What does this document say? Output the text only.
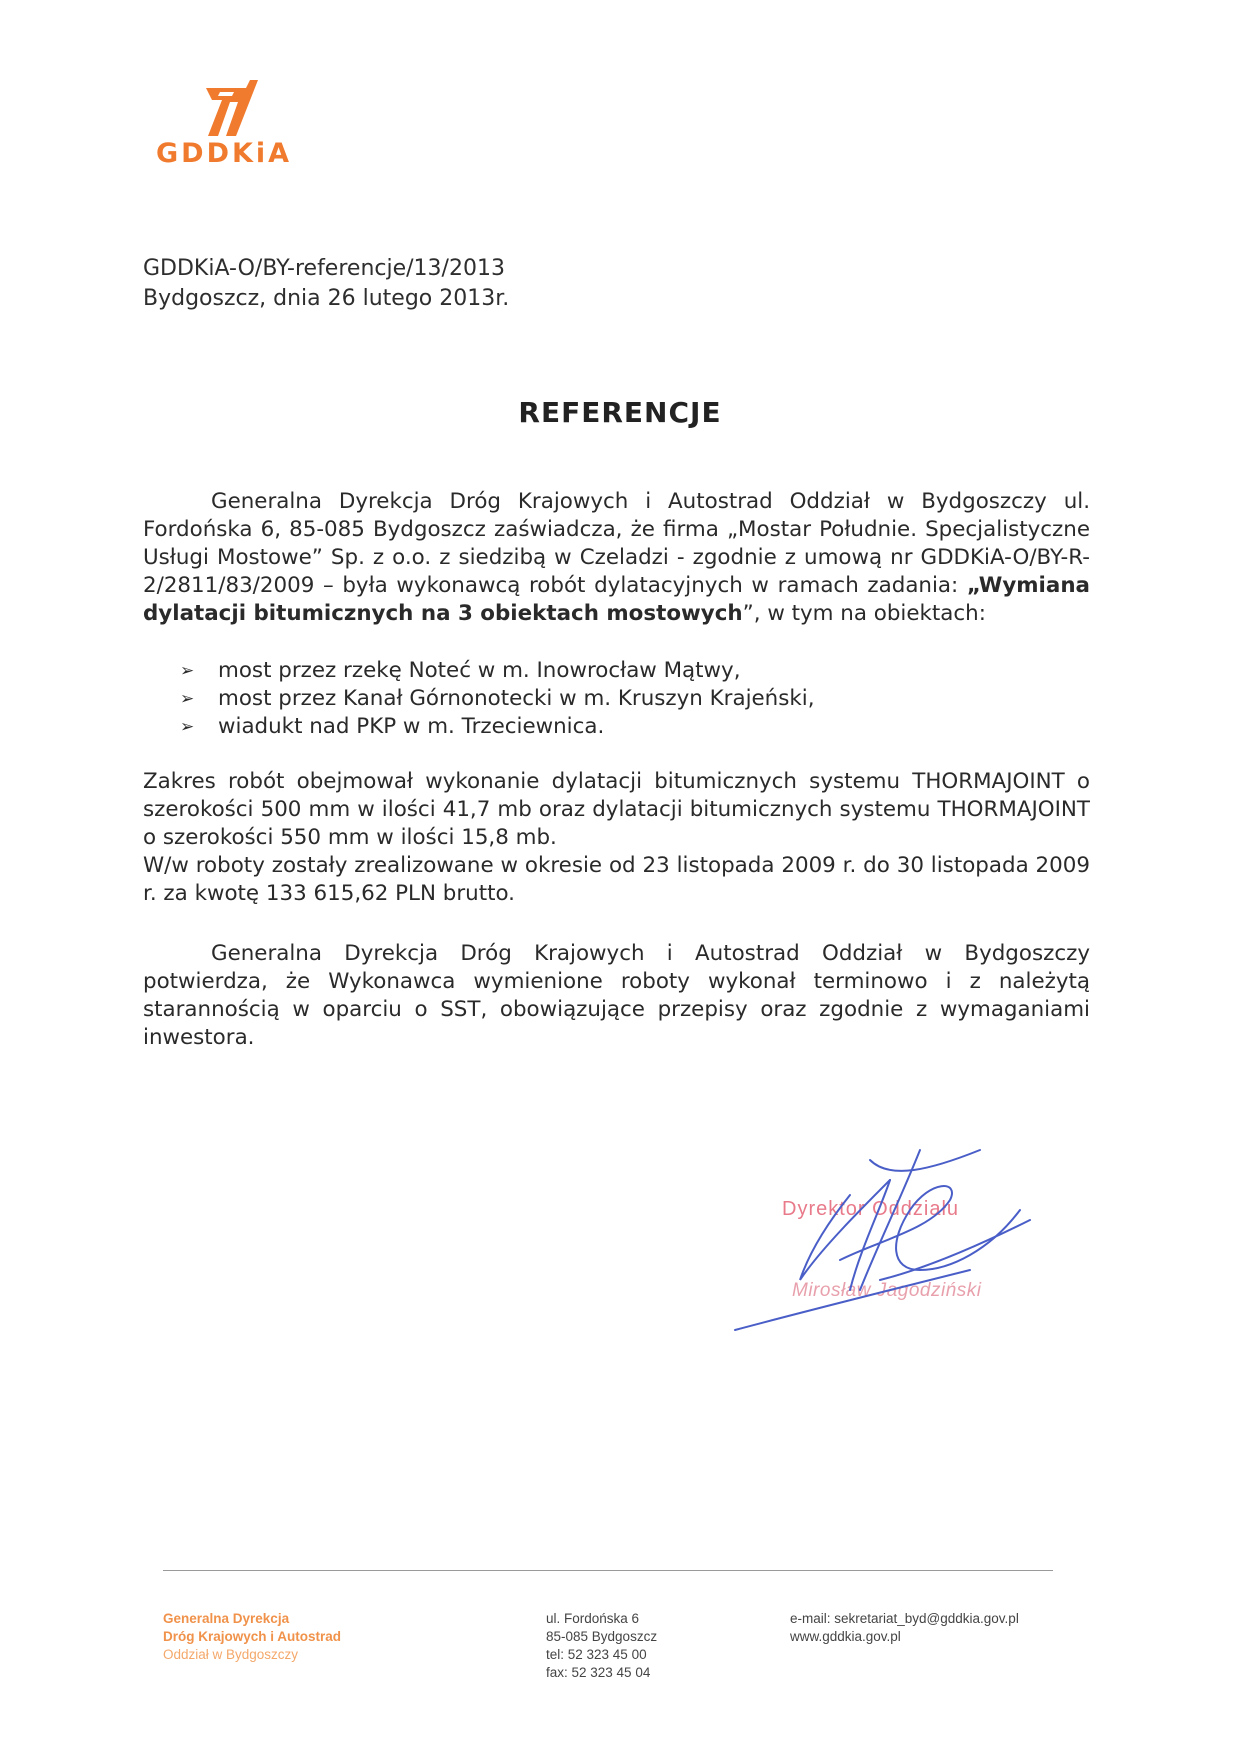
GDDKiA
GDDKiA-O/BY-referencje/13/2013
Bydgoszcz, dnia 26 lutego 2013r.
REFERENCJE

Generalna Dyrekcja Dróg Krajowych i Autostrad Oddział w Bydgoszczy ul. Fordońska 6, 85-085 Bydgoszcz zaświadcza, że firma „Mostar Południe. Specjalistyczne Usługi Mostowe” Sp. z o.o. z siedzibą w Czeladzi - zgodnie z umową nr GDDKiA-O/BY-R-2/2811/83/2009 – była wykonawcą robót dylatacyjnych w ramach zadania: „Wymiana dylatacji bitumicznych na 3 obiektach mostowych”, w tym na obiektach:

➢	most przez rzekę Noteć w m. Inowrocław Mątwy,
➢	most przez Kanał Górnonotecki w m. Kruszyn Krajeński,
➢	wiadukt nad PKP w m. Trzeciewnica.

Zakres robót obejmował wykonanie dylatacji bitumicznych systemu THORMAJOINT o szerokości 500 mm w ilości 41,7 mb oraz dylatacji bitumicznych systemu THORMAJOINT o szerokości 550 mm w ilości 15,8 mb.

W/w roboty zostały zrealizowane w okresie od 23 listopada 2009 r. do 30 listopada 2009 r. za kwotę 133 615,62 PLN brutto.

Generalna Dyrekcja Dróg Krajowych i Autostrad Oddział w Bydgoszczy potwierdza, że Wykonawca wymienione roboty wykonał terminowo i z należytą starannością w oparciu o SST, obowiązujące przepisy oraz zgodnie z wymaganiami inwestora.

Dyrektor Oddziału
Mirosław Jagodziński
Generalna Dyrekcja
Dróg Krajowych i Autostrad
Oddział w Bydgoszczy
ul. Fordońska 6
85-085 Bydgoszcz
tel: 52 323 45 00
fax: 52 323 45 04
e-mail: sekretariat_byd@gddkia.gov.pl
www.gddkia.gov.pl
